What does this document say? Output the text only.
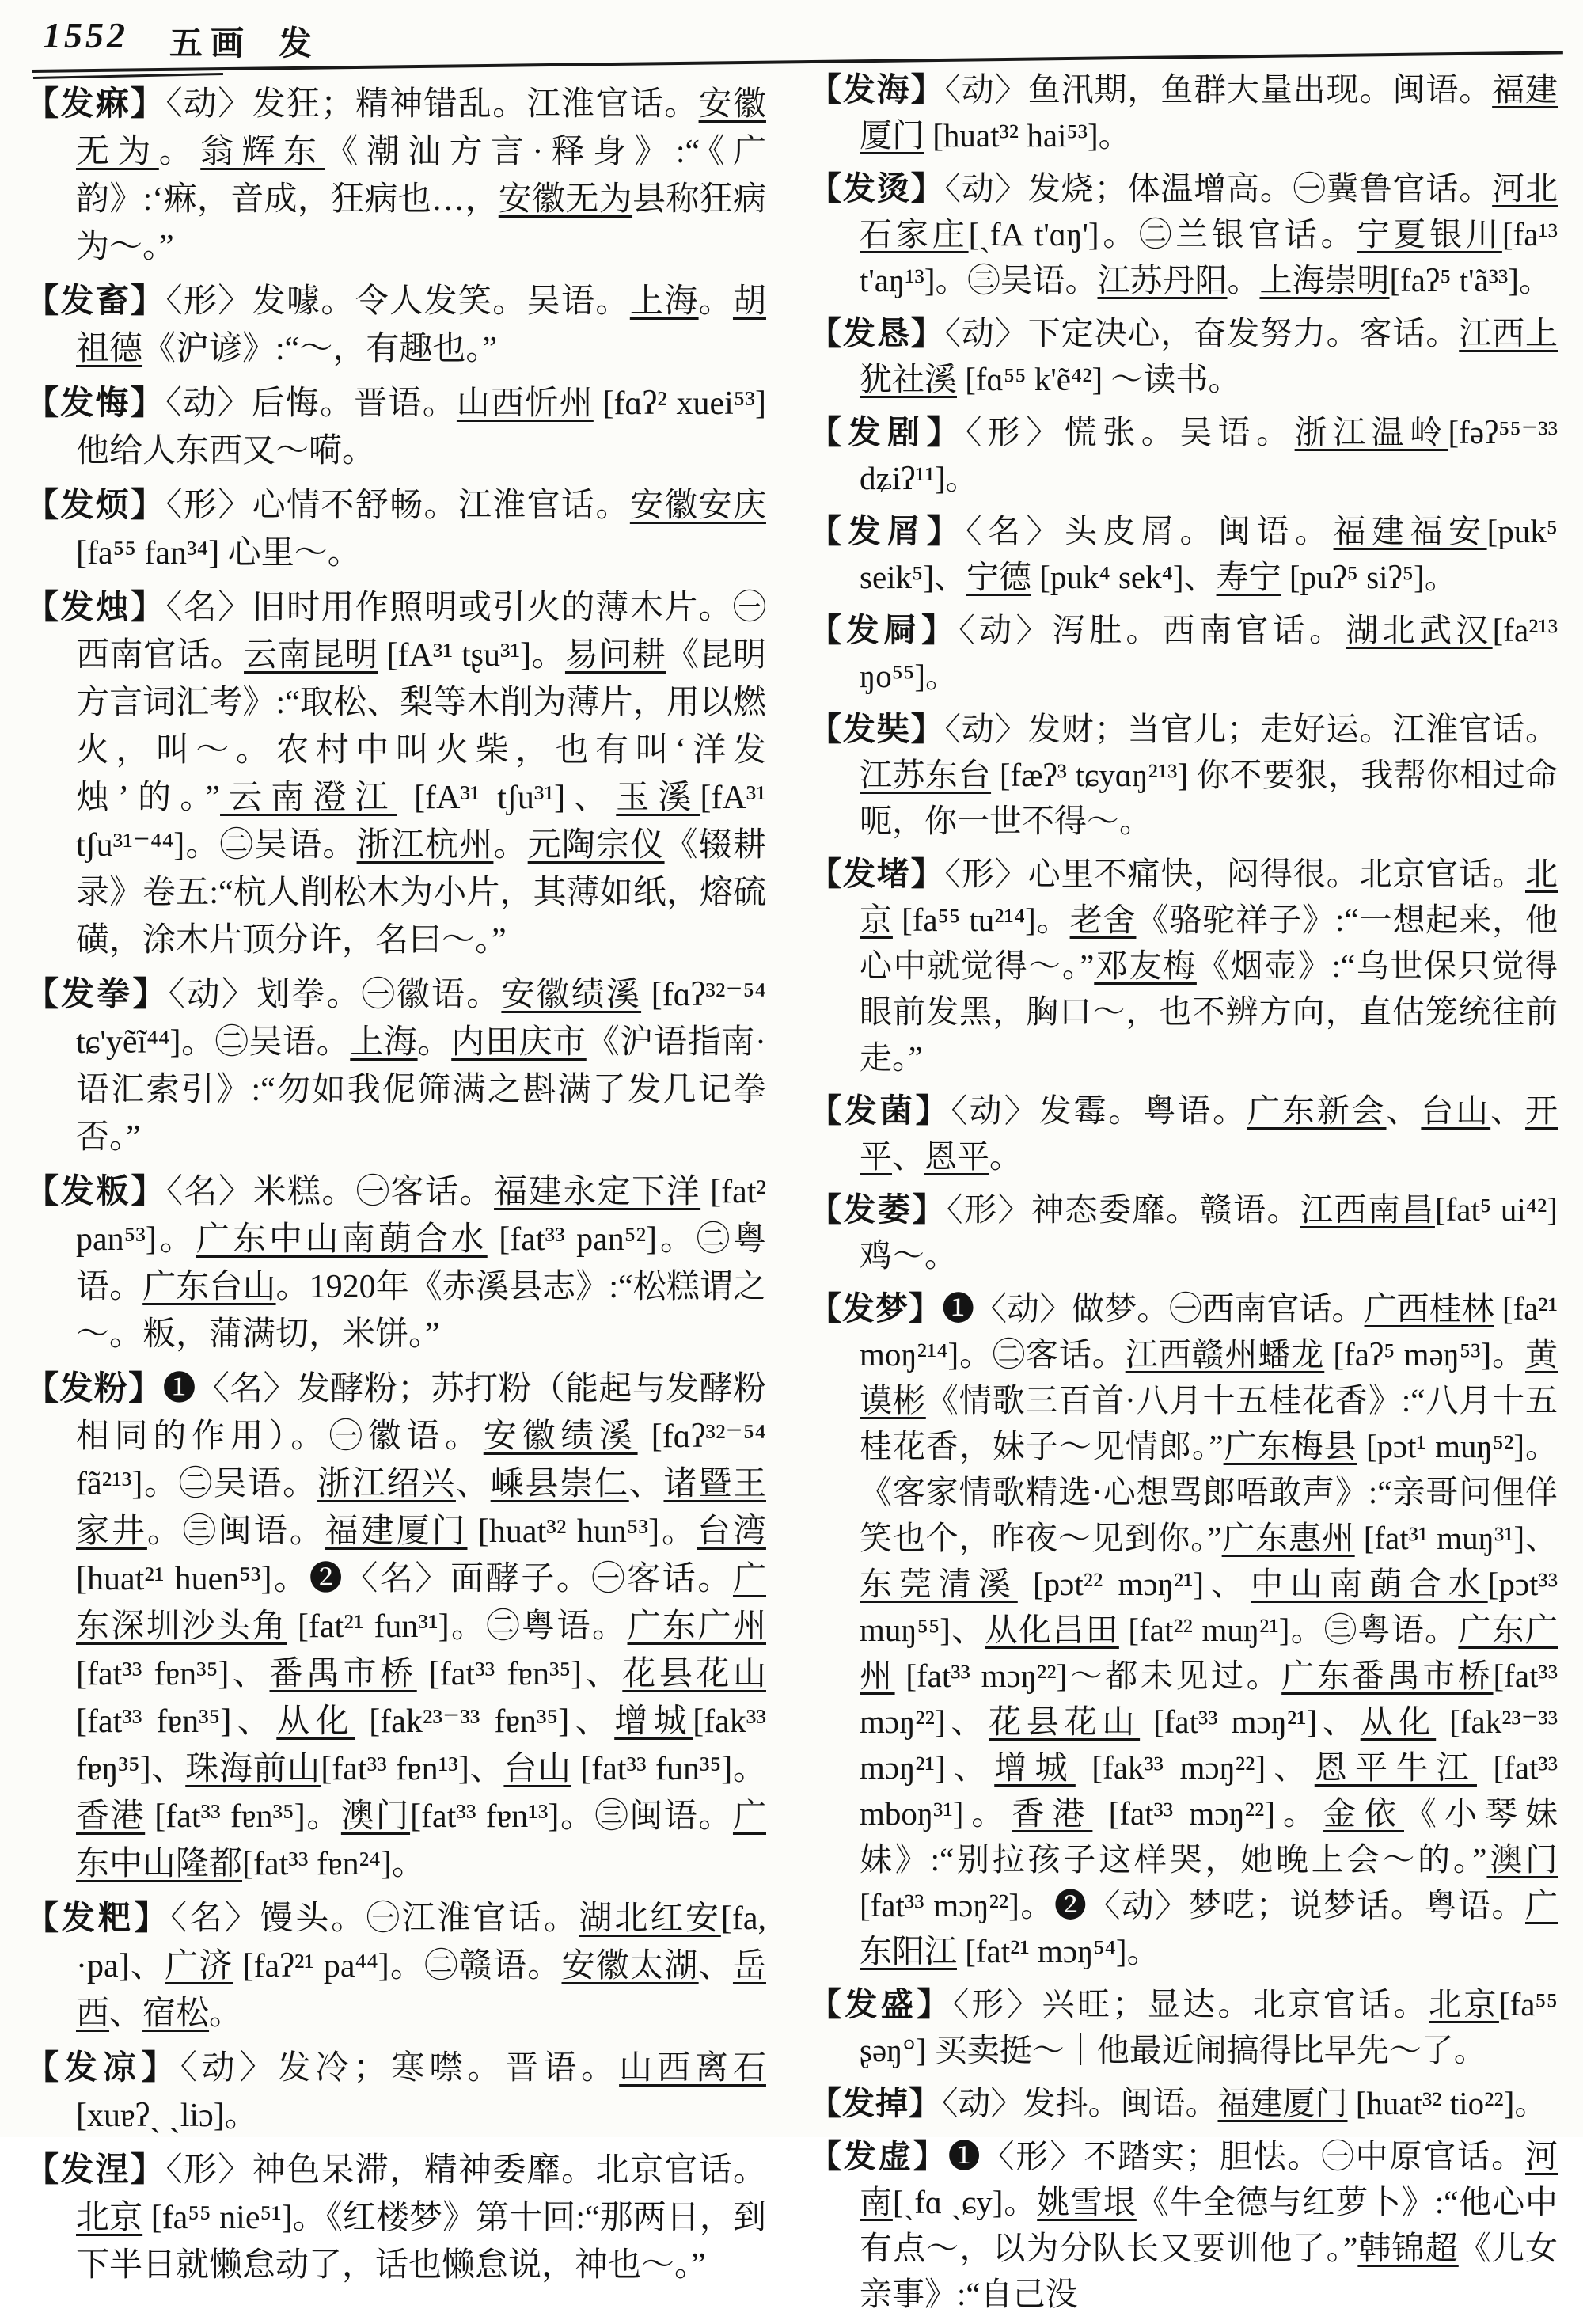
1552 五画 发

【发痳】〈动〉发狂；精神错乱。江淮官话。安徽无为。翁辉东《潮汕方言·释身》:“《广韵》:‘痳，音成，狂病也…，安徽无为县称狂病为～。”

【发畜】〈形〉发噱。令人发笑。吴语。上海。胡祖德《沪谚》:“～，有趣也。”

【发悔】〈动〉后悔。晋语。山西忻州 [fɑʔ² xuei⁵³] 他给人东西又～嗬。

【发烦】〈形〉心情不舒畅。江淮官话。安徽安庆 [fa⁵⁵ fan³⁴] 心里～。

【发烛】〈名〉旧时用作照明或引火的薄木片。㊀西南官话。云南昆明 [fA³¹ tʂu³¹]。易问耕《昆明方言词汇考》:“取松、梨等木削为薄片，用以燃火，叫～。农村中叫火柴，也有叫‘洋发烛’的。”云南澄江 [fA³¹ tʃu³¹]、玉溪[fA³¹ tʃu³¹⁻⁴⁴]。㊁吴语。浙江杭州。元陶宗仪《辍耕录》卷五:“杭人削松木为小片，其薄如纸，熔硫磺，涂木片顶分许，名曰～。”

【发拳】〈动〉划拳。㊀徽语。安徽绩溪 [fɑʔ³²⁻⁵⁴ tɕ'yẽĩ⁴⁴]。㊁吴语。上海。内田庆市《沪语指南·语汇索引》:“勿如我伲筛满之斟满了发几记拳否。”

【发粄】〈名〉米糕。㊀客话。福建永定下洋 [fat² pan⁵³]。广东中山南蓢合水 [fat³³ pan⁵²]。㊁粤语。广东台山。1920年《赤溪县志》:“松糕谓之～。粄，蒲满切，米饼。”

【发粉】❶〈名〉发酵粉；苏打粉（能起与发酵粉相同的作用）。㊀徽语。安徽绩溪 [fɑʔ³²⁻⁵⁴ fã²¹³]。㊁吴语。浙江绍兴、嵊县崇仁、诸暨王家井。㊂闽语。福建厦门 [huat³² hun⁵³]。台湾[huat²¹ huen⁵³]。❷〈名〉面酵子。㊀客话。广东深圳沙头角 [fat²¹ fun³¹]。㊁粤语。广东广州 [fat³³ fɐn³⁵]、番禺市桥 [fat³³ fɐn³⁵]、花县花山 [fat³³ fɐn³⁵]、从化 [fak²³⁻³³ fɐn³⁵]、增城[fak³³ fɐŋ³⁵]、珠海前山[fat³³ fɐn¹³]、台山 [fat³³ fun³⁵]。香港 [fat³³ fɐn³⁵]。澳门[fat³³ fɐn¹³]。㊂闽语。广东中山隆都[fat³³ fɐn²⁴]。

【发粑】〈名〉馒头。㊀江淮官话。湖北红安[fa, ·pa]、广济 [faʔ²¹ pa⁴⁴]。㊁赣语。安徽太湖、岳西、宿松。

【发凉】〈动〉发冷；寒噤。晋语。山西离石 [xuɐʔˎ ˎliɔ]。

【发涅】〈形〉神色呆滞，精神委靡。北京官话。北京 [fa⁵⁵ nie⁵¹]。《红楼梦》第十回:“那两日，到下半日就懒怠动了，话也懒怠说，神也～。”

【发海】〈动〉鱼汛期，鱼群大量出现。闽语。福建厦门 [huat³² hai⁵³]。

【发烫】〈动〉发烧；体温增高。㊀冀鲁官话。河北石家庄[ˎfA t'ɑŋ']。㊁兰银官话。宁夏银川[fa¹³ t'aŋ¹³]。㊂吴语。江苏丹阳。上海崇明[faʔ⁵ t'ã³³]。

【发恳】〈动〉下定决心，奋发努力。客话。江西上犹社溪 [fɑ⁵⁵ k'ẽ⁴²] ～读书。

【发剧】〈形〉慌张。吴语。浙江温岭[fəʔ⁵⁵⁻³³ dʑiʔ¹¹]。

【发屑】〈名〉头皮屑。闽语。福建福安[puk⁵ seik⁵]、宁德 [puk⁴ sek⁴]、寿宁 [puʔ⁵ siʔ⁵]。

【发屙】〈动〉泻肚。西南官话。湖北武汉[fa²¹³ ŋo⁵⁵]。

【发奘】〈动〉发财；当官儿；走好运。江淮官话。江苏东台 [fæʔ³ tɕyɑŋ²¹³] 你不要狠，我帮你相过命呃，你一世不得～。

【发堵】〈形〉心里不痛快，闷得很。北京官话。北京 [fa⁵⁵ tu²¹⁴]。老舍《骆驼祥子》:“一想起来，他心中就觉得～。”邓友梅《烟壶》:“乌世保只觉得眼前发黑，胸口～，也不辨方向，直估笼统往前走。”

【发菌】〈动〉发霉。粤语。广东新会、台山、开平、恩平。

【发萎】〈形〉神态委靡。赣语。江西南昌[fat⁵ ui⁴²]鸡～。

【发梦】❶〈动〉做梦。㊀西南官话。广西桂林 [fa²¹ moŋ²¹⁴]。㊁客话。江西赣州蟠龙 [faʔ⁵ məŋ⁵³]。黄谟彬《情歌三百首·八月十五桂花香》:“八月十五桂花香，妹子～见情郎。”广东梅县 [pɔt¹ muŋ⁵²]。《客家情歌精选·心想骂郎唔敢声》:“亲哥问俚佯笑也个，昨夜～见到你。”广东惠州 [fat³¹ muŋ³¹]、东莞清溪 [pɔt²² mɔŋ²¹]、中山南蓢合水[pɔt³³ muŋ⁵⁵]、从化吕田 [fat²² muŋ²¹]。㊂粤语。广东广州 [fat³³ mɔŋ²²]～都未见过。广东番禺市桥[fat³³ mɔŋ²²]、花县花山 [fat³³ mɔŋ²¹]、从化 [fak²³⁻³³ mɔŋ²¹]、增城 [fak³³ mɔŋ²²]、恩平牛江 [fat³³ mboŋ³¹]。香港 [fat³³ mɔŋ²²]。金依《小琴妹妹》:“别拉孩子这样哭，她晚上会～的。”澳门 [fat³³ mɔŋ²²]。❷〈动〉梦呓；说梦话。粤语。广东阳江 [fat²¹ mɔŋ⁵⁴]。

【发盛】〈形〉兴旺；显达。北京官话。北京[fa⁵⁵ ʂəŋ°] 买卖挺～｜他最近闹搞得比早先～了。

【发掉】〈动〉发抖。闽语。福建厦门 [huat³² tio²²]。

【发虚】❶〈形〉不踏实；胆怯。㊀中原官话。河南[ˎfɑ ˎɕy]。姚雪垠《牛全德与红萝卜》:“他心中有点～，以为分队长又要训他了。”韩锦超《儿女亲事》:“自己没
